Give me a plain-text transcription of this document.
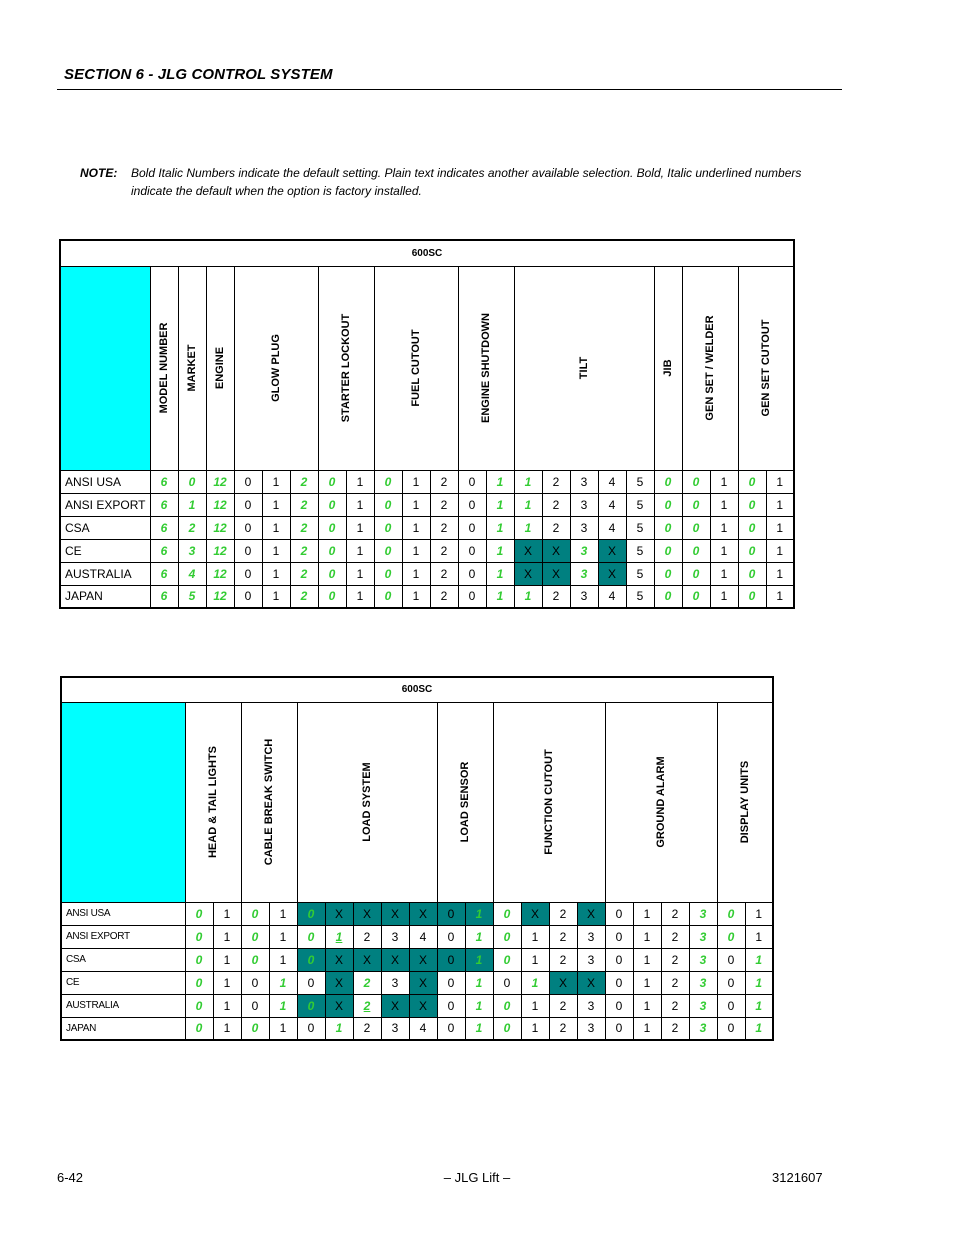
SECTION 6 - JLG CONTROL SYSTEM
NOTE: Bold Italic Numbers indicate the default setting. Plain text indicates another available selection. Bold, Italic underlined numbers indicate the default when the option is factory installed.
600SC																							

	MODEL NUMBER	MARKET	ENGINE	GLOW PLUG			STARTER LOCKOUT		FUEL CUTOUT			ENGINE SHUTDOWN		TILT					JIB	GEN SET / WELDER		GEN SET CUTOUT	

ANSI USA	6	0	12	0	1	2	0	1	0	1	2	0	1	1	2	3	4	5	0	0	1	0	1
ANSI EXPORT	6	1	12	0	1	2	0	1	0	1	2	0	1	1	2	3	4	5	0	0	1	0	1
CSA	6	2	12	0	1	2	0	1	0	1	2	0	1	1	2	3	4	5	0	0	1	0	1
CE	6	3	12	0	1	2	0	1	0	1	2	0	1	X	X	3	X	5	0	0	1	0	1
AUSTRALIA	6	4	12	0	1	2	0	1	0	1	2	0	1	X	X	3	X	5	0	0	1	0	1
JAPAN	6	5	12	0	1	2	0	1	0	1	2	0	1	1	2	3	4	5	0	0	1	0	1
600SC																					

	HEAD & TAIL LIGHTS		CABLE BREAK SWITCH		LOAD SYSTEM					LOAD SENSOR		FUNCTION CUTOUT				GROUND ALARM				DISPLAY UNITS	

ANSI USA	0	1	0	1	0	X	X	X	X	0	1	0	X	2	X	0	1	2	3	0	1
ANSI EXPORT	0	1	0	1	0	1	2	3	4	0	1	0	1	2	3	0	1	2	3	0	1
CSA	0	1	0	1	0	X	X	X	X	0	1	0	1	2	3	0	1	2	3	0	1
CE	0	1	0	1	0	X	2	3	X	0	1	0	1	X	X	0	1	2	3	0	1
AUSTRALIA	0	1	0	1	0	X	2	X	X	0	1	0	1	2	3	0	1	2	3	0	1
JAPAN	0	1	0	1	0	1	2	3	4	0	1	0	1	2	3	0	1	2	3	0	1
6-42	– JLG Lift –	3121607
